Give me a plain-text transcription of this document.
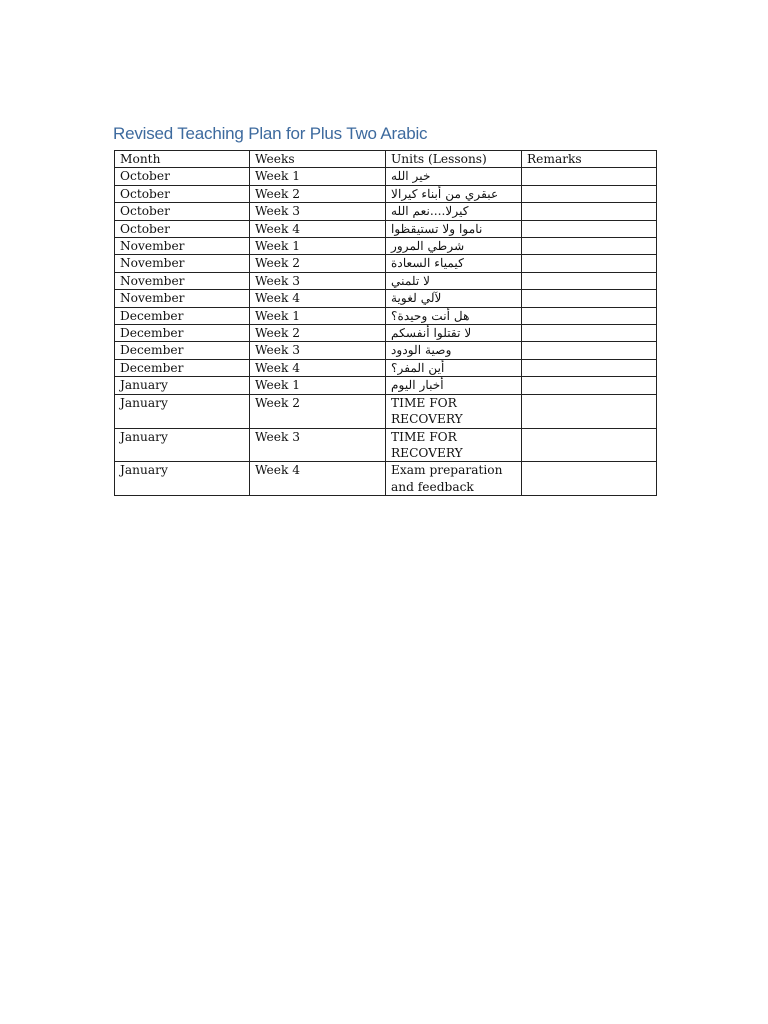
Revised Teaching Plan for Plus Two Arabic
Month	Weeks	Units (Lessons)	Remarks
October	Week 1	خير الله	
October	Week 2	عبقري من أبناء كيرالا	
October	Week 3	كيرلا....نعم الله	
October	Week 4	ناموا ولا تستيقظوا	
November	Week 1	شرطي المرور	
November	Week 2	كيمياء السعادة	
November	Week 3	لا تلمني	
November	Week 4	لآلي لغوية	
December	Week 1	هل أنت وحيدة؟	
December	Week 2	لا تقتلوا أنفسكم	
December	Week 3	وصية الودود	
December	Week 4	أين المفر؟	
January	Week 1	أخبار اليوم	
January	Week 2	TIME FOR RECOVERY	
January	Week 3	TIME FOR RECOVERY	
January	Week 4	Exam preparation and feedback	
